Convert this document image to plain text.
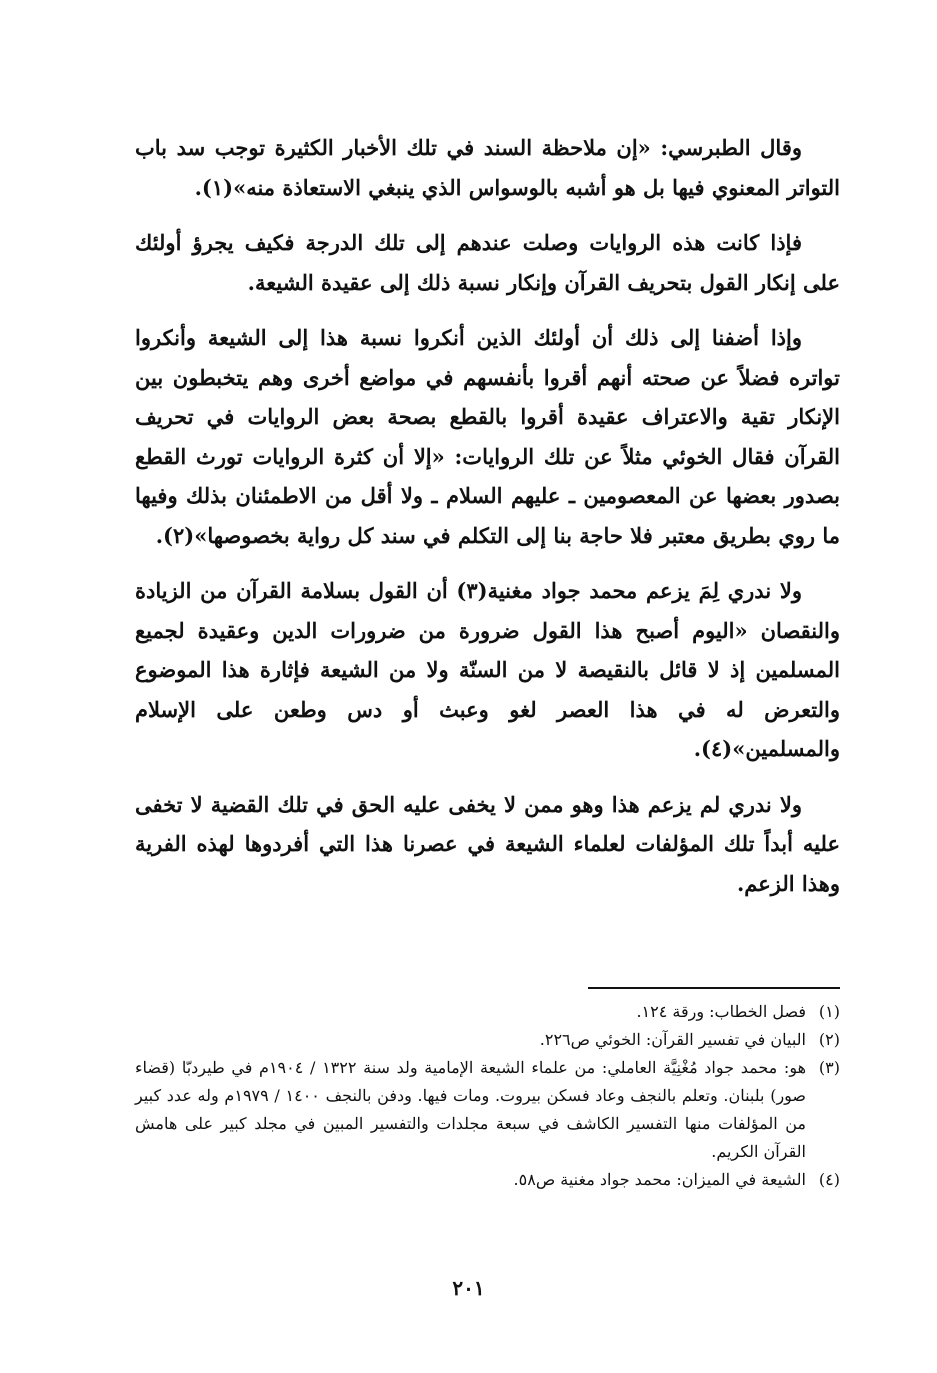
وقال الطبرسي: «إن ملاحظة السند في تلك الأخبار الكثيرة توجب سد باب التواتر المعنوي فيها بل هو أشبه بالوسواس الذي ينبغي الاستعاذة منه»(١).

فإذا كانت هذه الروايات وصلت عندهم إلى تلك الدرجة فكيف يجرؤ أولئك على إنكار القول بتحريف القرآن وإنكار نسبة ذلك إلى عقيدة الشيعة.

وإذا أضفنا إلى ذلك أن أولئك الذين أنكروا نسبة هذا إلى الشيعة وأنكروا تواتره فضلاً عن صحته أنهم أقروا بأنفسهم في مواضع أخرى وهم يتخبطون بين الإنكار تقية والاعتراف عقيدة أقروا بالقطع بصحة بعض الروايات في تحريف القرآن فقال الخوئي مثلاً عن تلك الروايات: «إلا أن كثرة الروايات تورث القطع بصدور بعضها عن المعصومين ـ عليهم السلام ـ ولا أقل من الاطمئنان بذلك وفيها ما روي بطريق معتبر فلا حاجة بنا إلى التكلم في سند كل رواية بخصوصها»(٢).

ولا ندري لِمَ يزعم محمد جواد مغنية(٣) أن القول بسلامة القرآن من الزيادة والنقصان «اليوم أصبح هذا القول ضرورة من ضرورات الدين وعقيدة لجميع المسلمين إذ لا قائل بالنقيصة لا من السنّة ولا من الشيعة فإثارة هذا الموضوع والتعرض له في هذا العصر لغو وعبث أو دس وطعن على الإسلام والمسلمين»(٤).

ولا ندري لم يزعم هذا وهو ممن لا يخفى عليه الحق في تلك القضية لا تخفى عليه أبداً تلك المؤلفات لعلماء الشيعة في عصرنا هذا التي أفردوها لهذه الفرية وهذا الزعم.

(١)
فصل الخطاب: ورقة ١٢٤.
(٢)
البيان في تفسير القرآن: الخوئي ص٢٢٦.
(٣)
هو: محمد جواد مُغْنِيَّة العاملي: من علماء الشيعة الإمامية ولد سنة ١٣٢٢ / ١٩٠٤م في طيردبّا (قضاء صور) بلبنان. وتعلم بالنجف وعاد فسكن بيروت. ومات فيها. ودفن بالنجف ١٤٠٠ / ١٩٧٩م وله عدد كبير من المؤلفات منها التفسير الكاشف في سبعة مجلدات والتفسير المبين في مجلد كبير على هامش القرآن الكريم.
(٤)
الشيعة في الميزان: محمد جواد مغنية ص٥٨.
٢٠١
